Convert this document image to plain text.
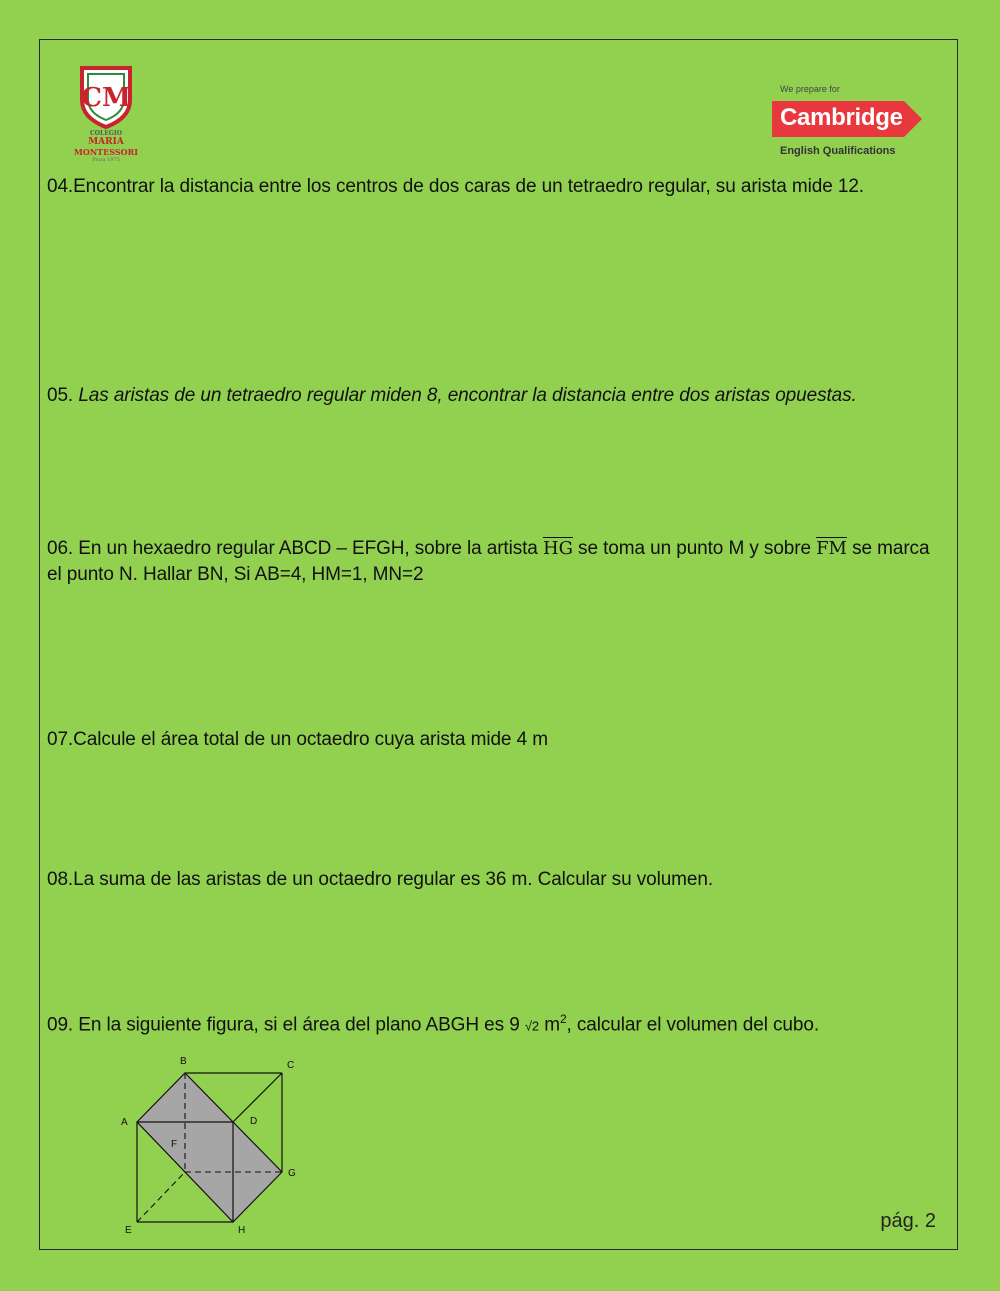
CM
COLEGIO
MARIA
MONTESSORI
Piura 1975
We prepare for
Cambridge
English Qualifications
04.Encontrar la distancia entre los centros de dos caras de un tetraedro regular, su arista mide 12.
05. Las aristas de un tetraedro regular miden 8, encontrar la distancia entre dos aristas opuestas.
06. En un hexaedro regular ABCD – EFGH, sobre la artista $\overline{HG}$ se toma un punto M y sobre $\overline{FM}$ se marca
el punto N. Hallar BN, Si AB=4, HM=1, MN=2
07.Calcule el área total de un octaedro cuya arista mide 4 m
08.La suma de las aristas de un octaedro regular es 36 m. Calcular su volumen.
09. En la siguiente figura, si el área del plano ABGH es 9 √2 $m^2$, calcular el volumen del cubo.
B	C
A	D
F
G
E	H	pág. 2
